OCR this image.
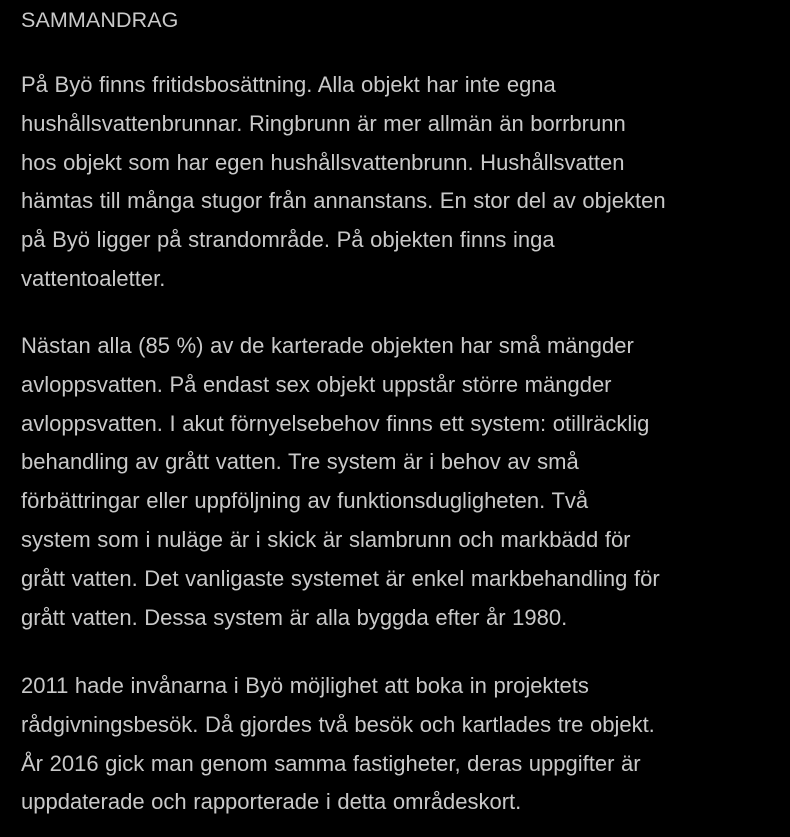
SAMMANDRAG

På Byö finns fritidsbosättning. Alla objekt har inte egna
hushållsvattenbrunnar. Ringbrunn är mer allmän än borrbrunn
hos objekt som har egen hushållsvattenbrunn. Hushållsvatten
hämtas till många stugor från annanstans. En stor del av objekten
på Byö ligger på strandområde. På objekten finns inga
vattentoaletter.

Nästan alla (85 %) av de karterade objekten har små mängder
avloppsvatten. På endast sex objekt uppstår större mängder
avloppsvatten. I akut förnyelsebehov finns ett system: otillräcklig
behandling av grått vatten. Tre system är i behov av små
förbättringar eller uppföljning av funktionsdugligheten. Två
system som i nuläge är i skick är slambrunn och markbädd för
grått vatten. Det vanligaste systemet är enkel markbehandling för
grått vatten. Dessa system är alla byggda efter år 1980.

2011 hade invånarna i Byö möjlighet att boka in projektets
rådgivningsbesök. Då gjordes två besök och kartlades tre objekt.
År 2016 gick man genom samma fastigheter, deras uppgifter är
uppdaterade och rapporterade i detta områdeskort.
